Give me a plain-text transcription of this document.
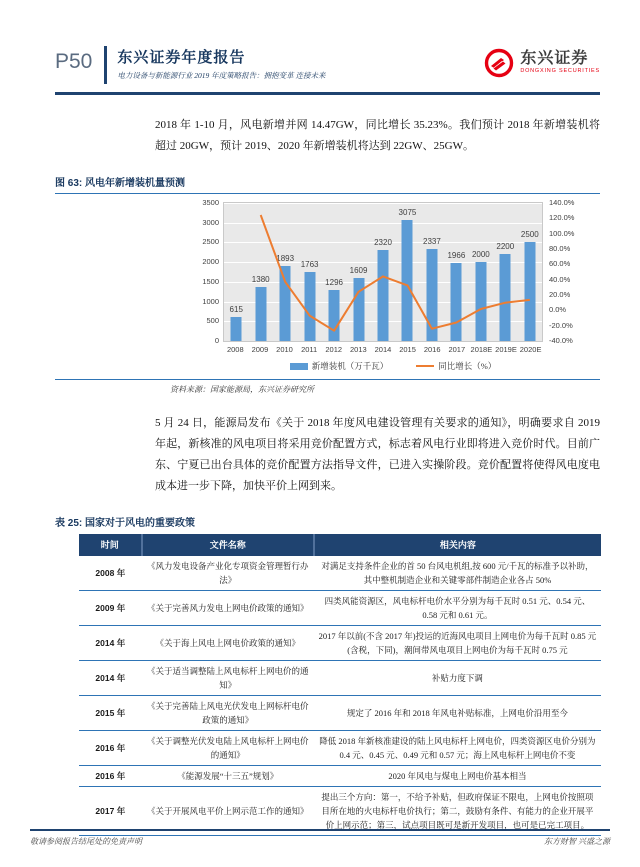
P50 东兴证券年度报告
电力设备与新能源行业 2019 年度策略报告：拥抱变革 连接未来
东兴证券
DONGXING SECURITIES

2018 年 1-10 月，风电新增并网 14.47GW，同比增长 35.23%。我们预计 2018 年新增装机将超过 20GW，预计 2019、2020 年新增装机将达到 22GW、25GW。

图 63: 风电年新增装机量预测
0
500
1000
1500
2000
2500
3000
3500
615
1380
1893
1763
1296
1609
2320
3075
2337
1966 2000
2200
2500
140.0%
120.0%
100.0%
80.0%
60.0%
40.0%
20.0%
0.0%
-20.0%
-40.0%
2008	2009	2010	2011	2012	2013	2014	2015	2016	2017 2018E 2019E 2020E
新增装机（万千瓦）	同比增长（%）
资料来源：国家能源局，东兴证券研究所

5 月 24 日，能源局发布《关于 2018 年度风电建设管理有关要求的通知》，明确要求自 2019 年起，新核准的风电项目将采用竞价配置方式，标志着风电行业即将进入竞价时代。目前广东、宁夏已出台具体的竞价配置方法指导文件，已进入实操阶段。竞价配置将使得风电度电成本进一步下降，加快平价上网到来。

表 25: 国家对于风电的重要政策
时间	文件名称	相关内容
2008 年	《风力发电设备产业化专项资金管理暂行办法》	对满足支持条件企业的首 50 台风电机组,按 600 元/千瓦的标准予以补助，其中整机制造企业和关键零部件制造企业各占 50%
2009 年	《关于完善风力发电上网电价政策的通知》	四类风能资源区，风电标杆电价水平分别为每千瓦时 0.51 元、0.54 元、0.58 元和 0.61 元。
2014 年	《关于海上风电上网电价政策的通知》	2017 年以前(不含 2017 年)投运的近海风电项目上网电价为每千瓦时 0.85 元(含税，下同)，潮间带风电项目上网电价为每千瓦时 0.75 元
2014 年	《关于适当调整陆上风电标杆上网电价的通知》	补贴力度下调
2015 年	《关于完善陆上风电光伏发电上网标杆电价政策的通知》	规定了 2016 年和 2018 年风电补贴标准，上网电价沿用至今
2016 年	《关于调整光伏发电陆上风电标杆上网电价的通知》	降低 2018 年新核准建设的陆上风电标杆上网电价，四类资源区电价分别为 0.4 元、0.45 元、0.49 元和 0.57 元；海上风电标杆上网电价不变
2016 年	《能源发展“十三五”规划》	2020 年风电与煤电上网电价基本相当
2017 年	《关于开展风电平价上网示范工作的通知》	提出三个方向：第一，不给予补贴，但政府保证不限电，上网电价按照项目所在地的火电标杆电价执行；第二，鼓励有条件、有能力的企业开展平价上网示范；第三，试点项目既可是新开发项目，也可是已完工项目。
敬请参阅报告结尾处的免责声明	东方财智 兴盛之源
